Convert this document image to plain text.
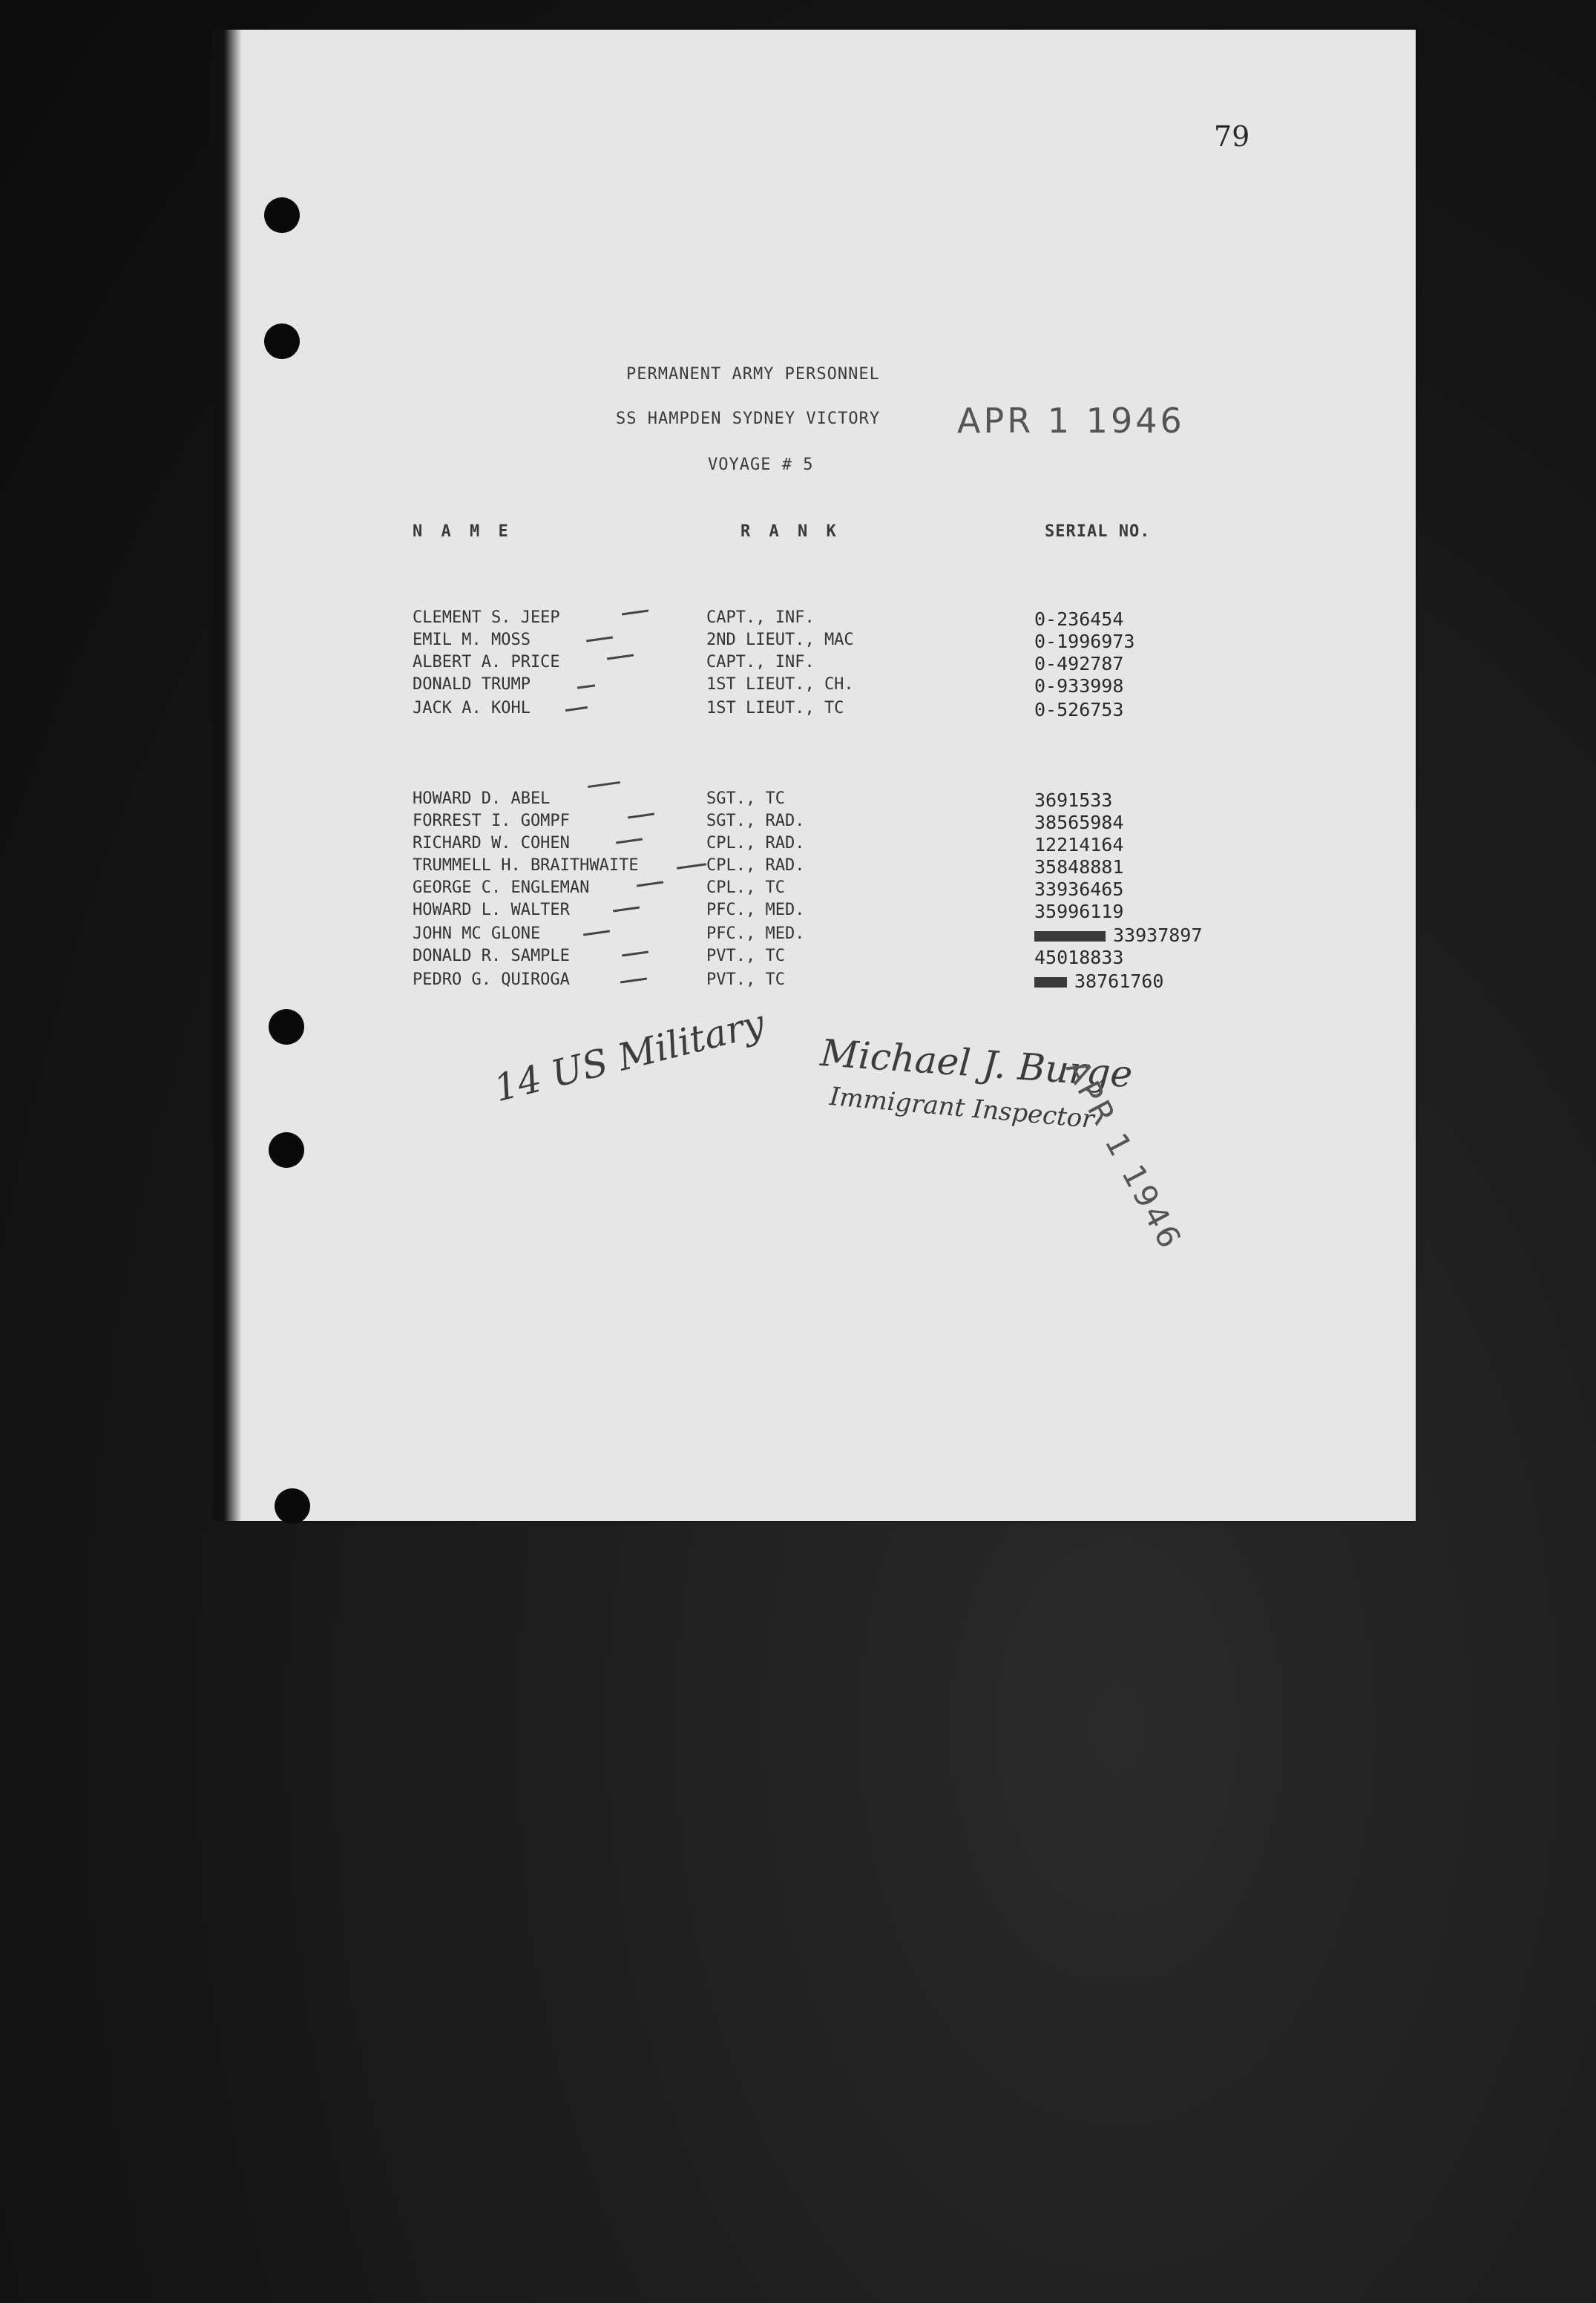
79
PERMANENT ARMY PERSONNEL
SS HAMPDEN SYDNEY VICTORY
VOYAGE # 5
APR 1 1946
N A M E	R A N K	SERIAL NO.
CLEMENT S. JEEP	CAPT., INF.	0-236454
EMIL M. MOSS	2ND LIEUT., MAC	0-1996973
ALBERT A. PRICE	CAPT., INF.	0-492787
DONALD TRUMP	1ST LIEUT., CH.	0-933998
JACK A. KOHL	1ST LIEUT., TC	0-526753
HOWARD D. ABEL	SGT., TC	3691533
FORREST I. GOMPF	SGT., RAD.	38565984
RICHARD W. COHEN	CPL., RAD.	12214164
TRUMMELL H. BRAITHWAITE	CPL., RAD.	35848881
GEORGE C. ENGLEMAN	CPL., TC	33936465
HOWARD L. WALTER	PFC., MED.	35996119
JOHN MC GLONE	PFC., MED.	33937897
DONALD R. SAMPLE	PVT., TC	45018833
PEDRO G. QUIROGA	PVT., TC	38761760
14 US Military Michael J. Burge
Immigrant Inspector
APR 1 1946
